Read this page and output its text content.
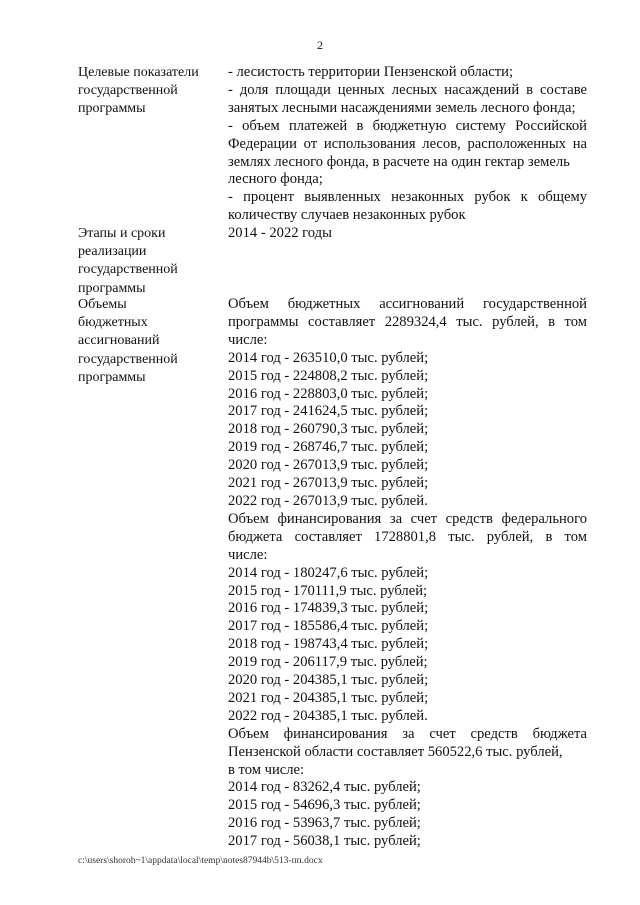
2
Целевые показатели
государственной
программы
- лесистость территории Пензенской области;
- доля площади ценных лесных насаждений в составе
занятых лесными насаждениями земель лесного фонда;
- объем платежей в бюджетную систему Российской
Федерации от использования лесов, расположенных на
землях лесного фонда, в расчете на один гектар земель
лесного фонда;
- процент выявленных незаконных рубок к общему
количеству случаев незаконных рубок
Этапы и сроки
реализации
государственной
программы
2014 - 2022 годы
Объемы
бюджетных
ассигнований
государственной
программы
Объем бюджетных ассигнований государственной
программы составляет 2289324,4 тыс. рублей, в том
числе:
2014 год - 263510,0 тыс. рублей;
2015 год - 224808,2 тыс. рублей;
2016 год - 228803,0 тыс. рублей;
2017 год - 241624,5 тыс. рублей;
2018 год - 260790,3 тыс. рублей;
2019 год - 268746,7 тыс. рублей;
2020 год - 267013,9 тыс. рублей;
2021 год - 267013,9 тыс. рублей;
2022 год - 267013,9 тыс. рублей.
Объем финансирования за счет средств федерального
бюджета составляет 1728801,8 тыс. рублей, в том
числе:
2014 год - 180247,6 тыс. рублей;
2015 год - 170111,9 тыс. рублей;
2016 год - 174839,3 тыс. рублей;
2017 год - 185586,4 тыс. рублей;
2018 год - 198743,4 тыс. рублей;
2019 год - 206117,9 тыс. рублей;
2020 год - 204385,1 тыс. рублей;
2021 год - 204385,1 тыс. рублей;
2022 год - 204385,1 тыс. рублей.
Объем финансирования за счет средств бюджета
Пензенской области составляет 560522,6 тыс. рублей,
в том числе:
2014 год - 83262,4 тыс. рублей;
2015 год - 54696,3 тыс. рублей;
2016 год - 53963,7 тыс. рублей;
2017 год - 56038,1 тыс. рублей;
c:\users\shoroh~1\appdata\local\temp\notes87944b\513-пп.docx
